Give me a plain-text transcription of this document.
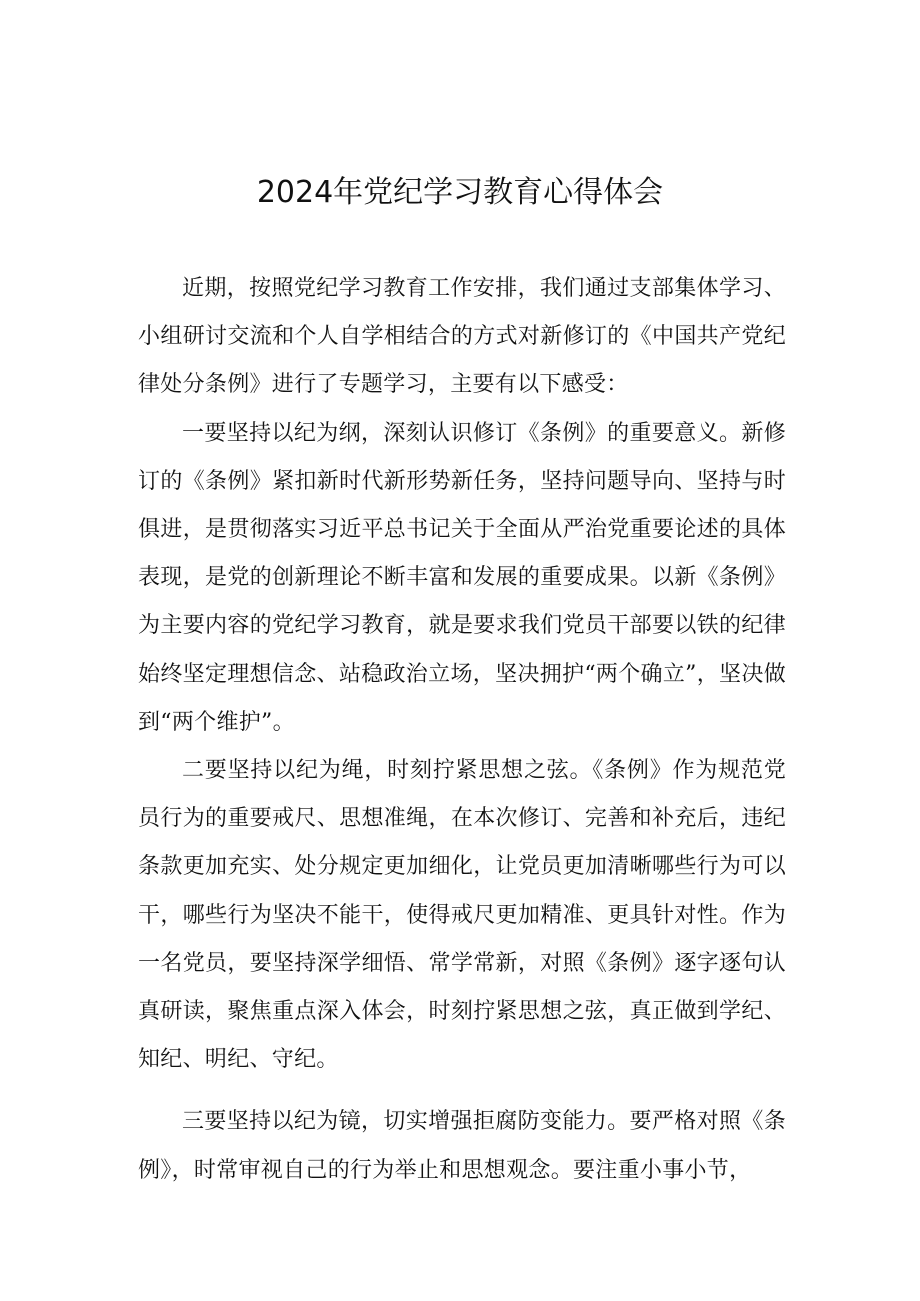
2024年党纪学习教育心得体会

近期，按照党纪学习教育工作安排，我们通过支部集体学习、小组研讨交流和个人自学相结合的方式对新修订的《中国共产党纪律处分条例》进行了专题学习，主要有以下感受：

一要坚持以纪为纲，深刻认识修订《条例》的重要意义。新修订的《条例》紧扣新时代新形势新任务，坚持问题导向、坚持与时俱进，是贯彻落实习近平总书记关于全面从严治党重要论述的具体表现，是党的创新理论不断丰富和发展的重要成果。以新《条例》为主要内容的党纪学习教育，就是要求我们党员干部要以铁的纪律始终坚定理想信念、站稳政治立场，坚决拥护“两个确立”，坚决做到“两个维护”。

二要坚持以纪为绳，时刻拧紧思想之弦。《条例》作为规范党员行为的重要戒尺、思想准绳，在本次修订、完善和补充后，违纪条款更加充实、处分规定更加细化，让党员更加清晰哪些行为可以干，哪些行为坚决不能干，使得戒尺更加精准、更具针对性。作为一名党员，要坚持深学细悟、常学常新，对照《条例》逐字逐句认真研读，聚焦重点深入体会，时刻拧紧思想之弦，真正做到学纪、知纪、明纪、守纪。

三要坚持以纪为镜，切实增强拒腐防变能力。要严格对照《条例》，时常审视自己的行为举止和思想观念。要注重小事小节，
